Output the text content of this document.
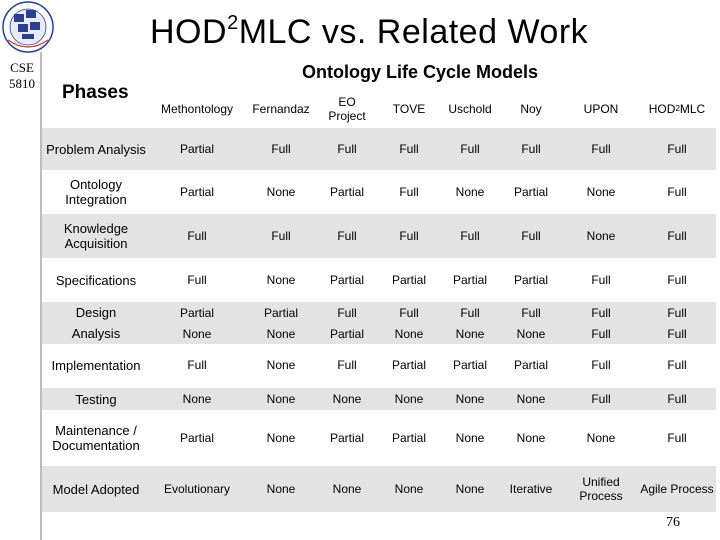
HOD$^2$MLC vs. Related Work
CSE
5810 Phases
Ontology Life Cycle Models
Methontology	Fernandaz	EO Project	TOVE	Uschold	Noy	UPON	HOD 2 MLC
Problem Analysis	Partial	Full	Full	Full	Full	Full	Full	Full
Ontology Integration	Partial	None	Partial	Full	None	Partial	None	Full
Knowledge Acquisition	Full	Full	Full	Full	Full	Full	None	Full
Specifications	Full	None	Partial	Partial	Partial	Partial	Full	Full
Design	Partial	Partial	Full	Full	Full	Full	Full	Full
Analysis	None	None	Partial	None	None	None	Full	Full
Implementation	Full	None	Full	Partial	Partial	Partial	Full	Full
Testing	None	None	None	None	None	None	Full	Full
Maintenance / Documentation	Partial	None	Partial	Partial	None	None	None	Full
Model Adopted	Evolutionary	None	None	None	None	Iterative	Unified Process	Agile Process
76
